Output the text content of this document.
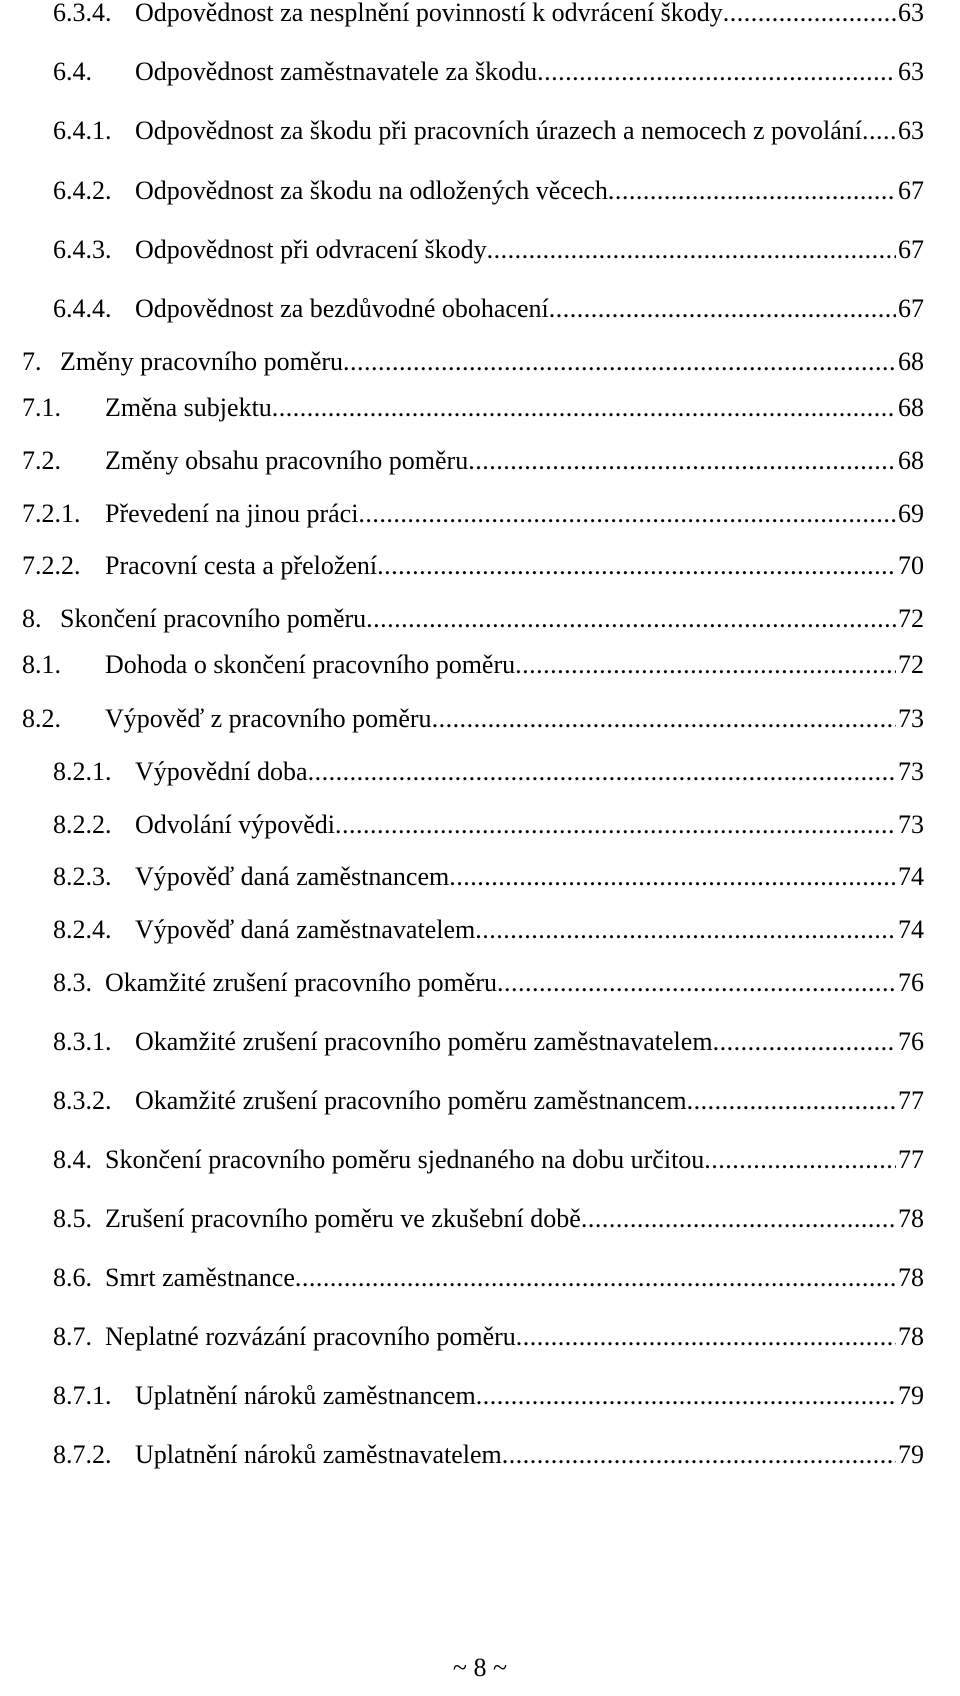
6.3.4. Odpovědnost za nesplnění povinností k odvrácení škody .....	63
6.4. Odpovědnost zaměstnavatele za škodu .....	63
6.4.1. Odpovědnost za škodu při pracovních úrazech a nemocech z povolání ..... 63
6.4.2. Odpovědnost za škodu na odložených věcech .....	67
6.4.3. Odpovědnost při odvracení škody .....	67
6.4.4. Odpovědnost za bezdůvodné obohacení .....	67
7. Změny pracovního poměru .....	68
7.1. Změna subjektu .....	68
7.2. Změny obsahu pracovního poměru .....	68
7.2.1. Převedení na jinou práci .....	69
7.2.2. Pracovní cesta a přeložení .....	70
8. Skončení pracovního poměru .....	72
8.1. Dohoda o skončení pracovního poměru .....	72
8.2. Výpověď z pracovního poměru .....	73
8.2.1. Výpovědní doba .....	73
8.2.2. Odvolání výpovědi .....	73
8.2.3. Výpověď daná zaměstnancem .....	74
8.2.4. Výpověď daná zaměstnavatelem .....	74
8.3. Okamžité zrušení pracovního poměru .....	76
8.3.1. Okamžité zrušení pracovního poměru zaměstnavatelem .....	76
8.3.2. Okamžité zrušení pracovního poměru zaměstnancem .....	77
8.4. Skončení pracovního poměru sjednaného na dobu určitou .....	77
8.5. Zrušení pracovního poměru ve zkušební době .....	78
8.6. Smrt zaměstnance .....	78
8.7. Neplatné rozvázání pracovního poměru .....	78
8.7.1. Uplatnění nároků zaměstnancem .....	79
8.7.2. Uplatnění nároků zaměstnavatelem .....	79
~ 8 ~
